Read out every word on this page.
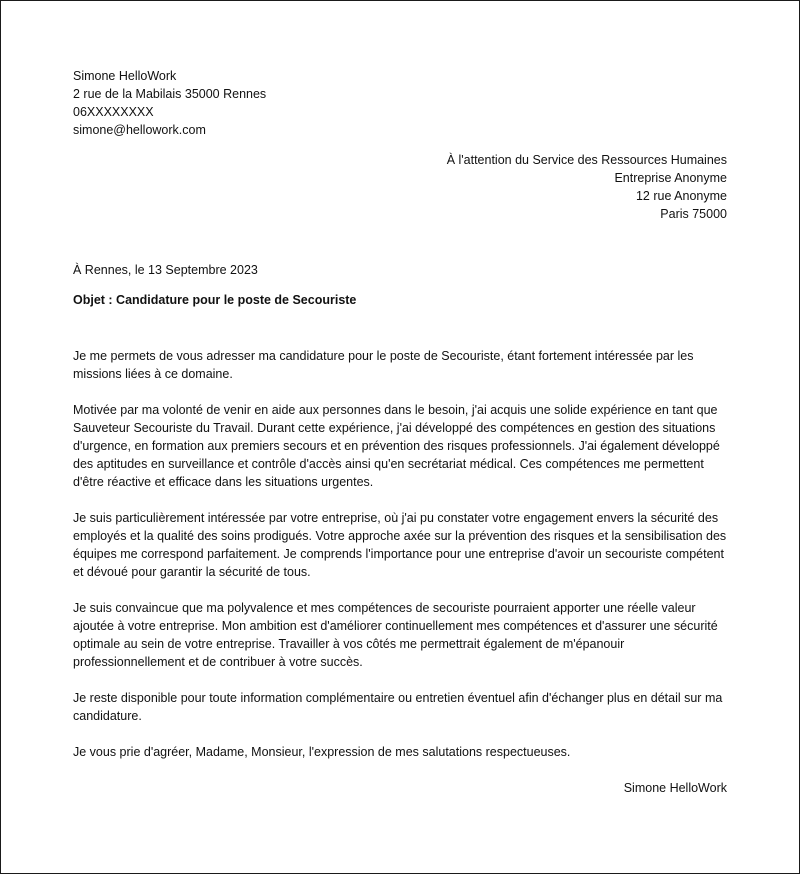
Simone HelloWork
2 rue de la Mabilais 35000 Rennes
06XXXXXXXX
simone@hellowork.com
À l'attention du Service des Ressources Humaines
Entreprise Anonyme
12 rue Anonyme
Paris 75000
À Rennes, le 13 Septembre 2023
Objet : Candidature pour le poste de Secouriste

Je me permets de vous adresser ma candidature pour le poste de Secouriste, étant fortement intéressée par les missions liées à ce domaine.

Motivée par ma volonté de venir en aide aux personnes dans le besoin, j'ai acquis une solide expérience en tant que Sauveteur Secouriste du Travail. Durant cette expérience, j'ai développé des compétences en gestion des situations d'urgence, en formation aux premiers secours et en prévention des risques professionnels. J'ai également développé des aptitudes en surveillance et contrôle d'accès ainsi qu'en secrétariat médical. Ces compétences me permettent d'être réactive et efficace dans les situations urgentes.

Je suis particulièrement intéressée par votre entreprise, où j'ai pu constater votre engagement envers la sécurité des employés et la qualité des soins prodigués. Votre approche axée sur la prévention des risques et la sensibilisation des équipes me correspond parfaitement. Je comprends l'importance pour une entreprise d'avoir un secouriste compétent et dévoué pour garantir la sécurité de tous.

Je suis convaincue que ma polyvalence et mes compétences de secouriste pourraient apporter une réelle valeur ajoutée à votre entreprise. Mon ambition est d'améliorer continuellement mes compétences et d'assurer une sécurité optimale au sein de votre entreprise. Travailler à vos côtés me permettrait également de m'épanouir professionnellement et de contribuer à votre succès.

Je reste disponible pour toute information complémentaire ou entretien éventuel afin d'échanger plus en détail sur ma candidature.

Je vous prie d'agréer, Madame, Monsieur, l'expression de mes salutations respectueuses.

Simone HelloWork
